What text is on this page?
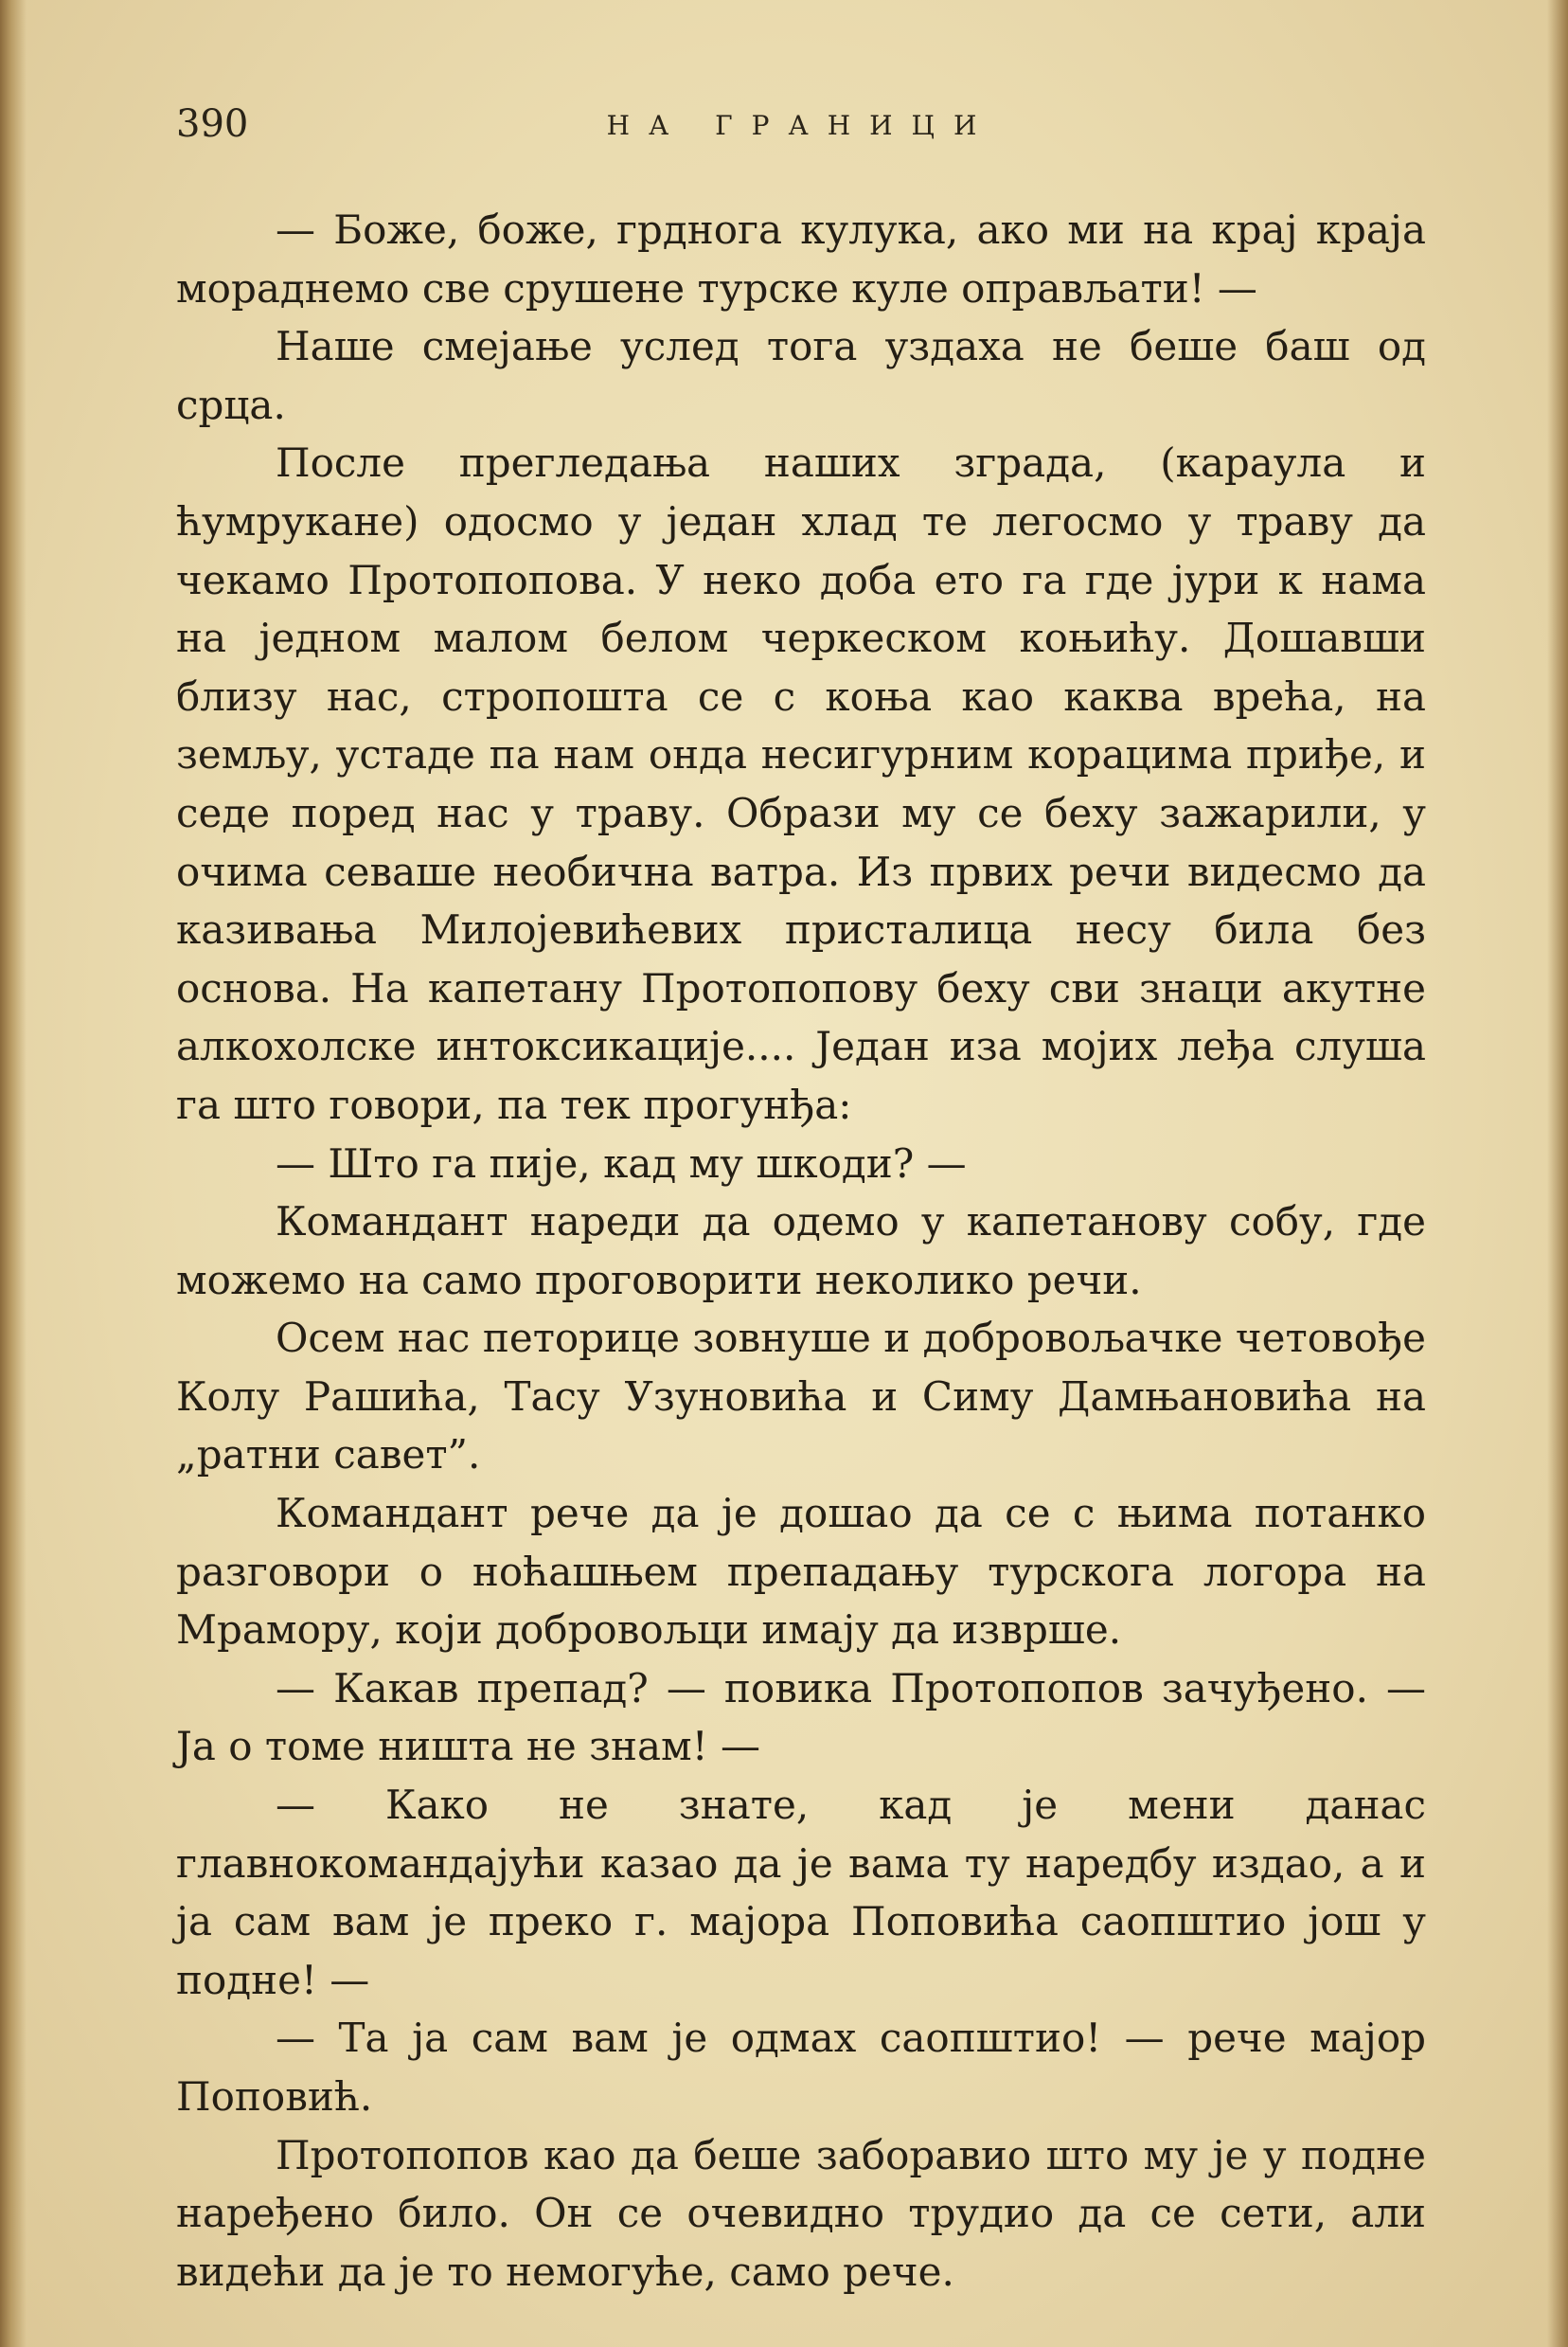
390	НА ГРАНИЦИ

— Боже, боже, грднога кулука, ако ми на крај краја мораднемо све срушене турске куле оправљати! —

Наше смејање услед тога уздаха не беше баш од срца.

После прегледања наших зграда, (караула и ћумрукане) одосмо у један хлад те легосмо у траву да чекамо Протопопова. У неко доба ето га где јури к нама на једном малом белом черкеском коњићу. Дошавши близу нас, стропошта се с коња као каква врећа, на земљу, устаде па нам онда несигурним корацима приђе, и седе поред нас у траву. Образи му се беху зажарили, у очима севаше необична ватра. Из првих речи видесмо да казивања Милојевићевих присталица несу била без основа. На капетану Протопопову беху сви знаци акутне алкохолске интоксикације.... Један иза мојих леђа слуша га што говори, па тек прогунђа:

— Што га пије, кад му шкоди? —

Командант нареди да одемо у капетанову собу, где можемо на само проговорити неколико речи.

Осем нас петорице зовнуше и добровољачке четовође Колу Рашића, Тасу Узуновића и Симу Дамњановића на „ратни савет”.

Командант рече да је дошао да се с њима потанко разговори о ноћашњем препадању турскога логора на Мрамору, који добровољци имају да изврше.

— Какав препад? — повика Протопопов зачуђено. — Ја о томе ништа не знам! —

— Како не знате, кад је мени данас главнокомандајући казао да је вама ту наредбу издао, а и ја сам вам је преко г. мајора Поповића саопштио још у подне! —

— Та ја сам вам је одмах саопштио! — рече мајор Поповић.

Протопопов као да беше заборавио што му је у подне наређено било. Он се очевидно трудио да се сети, али видећи да је то немогуће, само рече.
